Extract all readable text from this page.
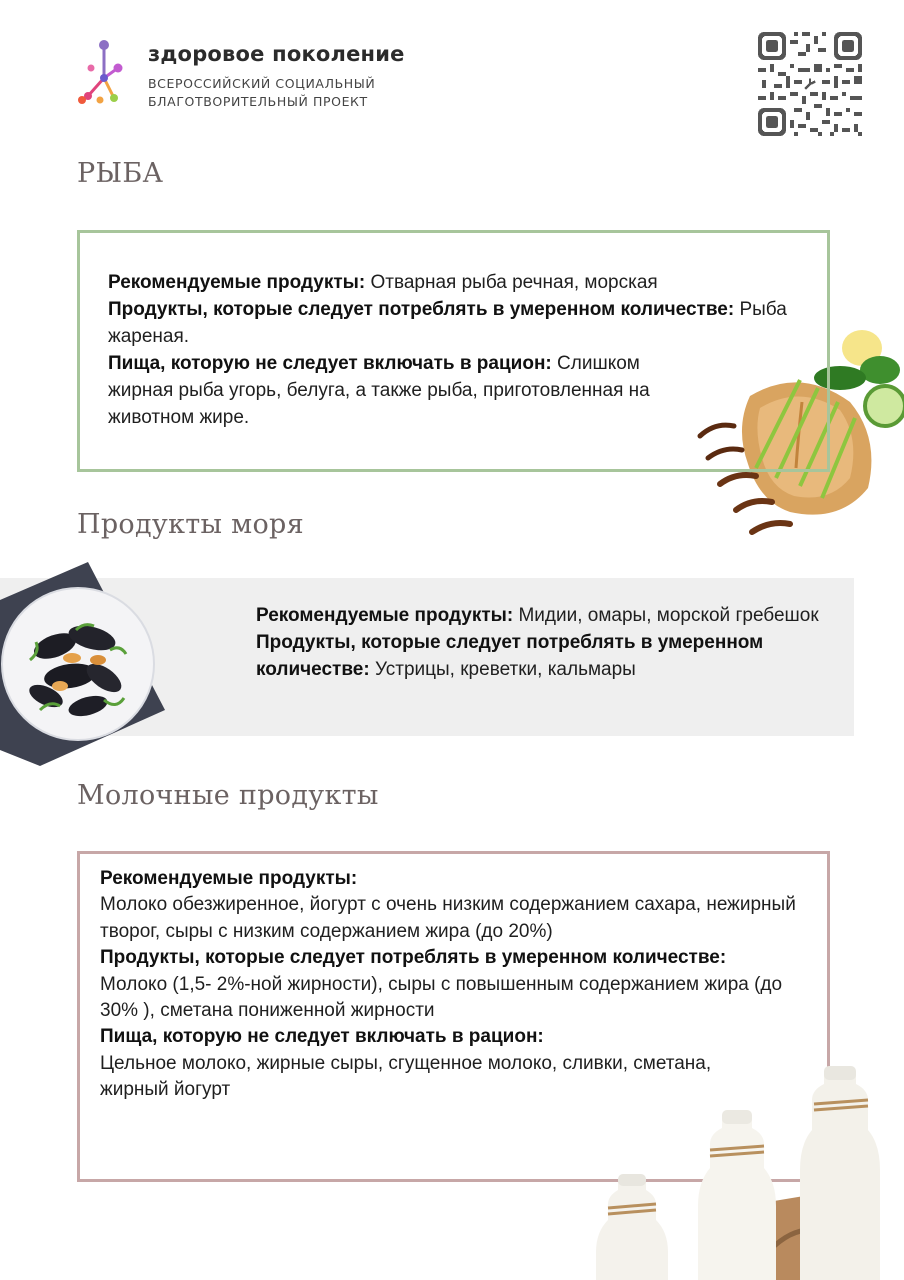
здоровое поколение
ВСЕРОССИЙСКИЙ СОЦИАЛЬНЫЙ
БЛАГОТВОРИТЕЛЬНЫЙ ПРОЕКТ
РЫБА

Рекомендуемые продукты: Отварная рыба речная, морская

Продукты, которые следует потреблять в умеренном количестве: Рыба жареная.

Пища, которую не следует включать в рацион: Слишком жирная рыба угорь, белуга, а также рыба, приготовленная на животном жире.

Продукты моря

Рекомендуемые продукты: Мидии, омары, морской гребешок

Продукты, которые следует потреблять в умеренном количестве: Устрицы, креветки, кальмары

Молочные продукты

Рекомендуемые продукты:

Молоко обезжиренное, йогурт с очень низким содержанием сахара, нежирный творог, сыры с низким содержанием жира (до 20%)

Продукты, которые следует потреблять в умеренном количестве:

Молоко (1,5- 2%-ной жирности), сыры с повышенным содержанием жира (до 30% ), сметана пониженной жирности

Пища, которую не следует включать в рацион:

Цельное молоко, жирные сыры, сгущенное молоко, сливки, сметана, жирный йогурт
